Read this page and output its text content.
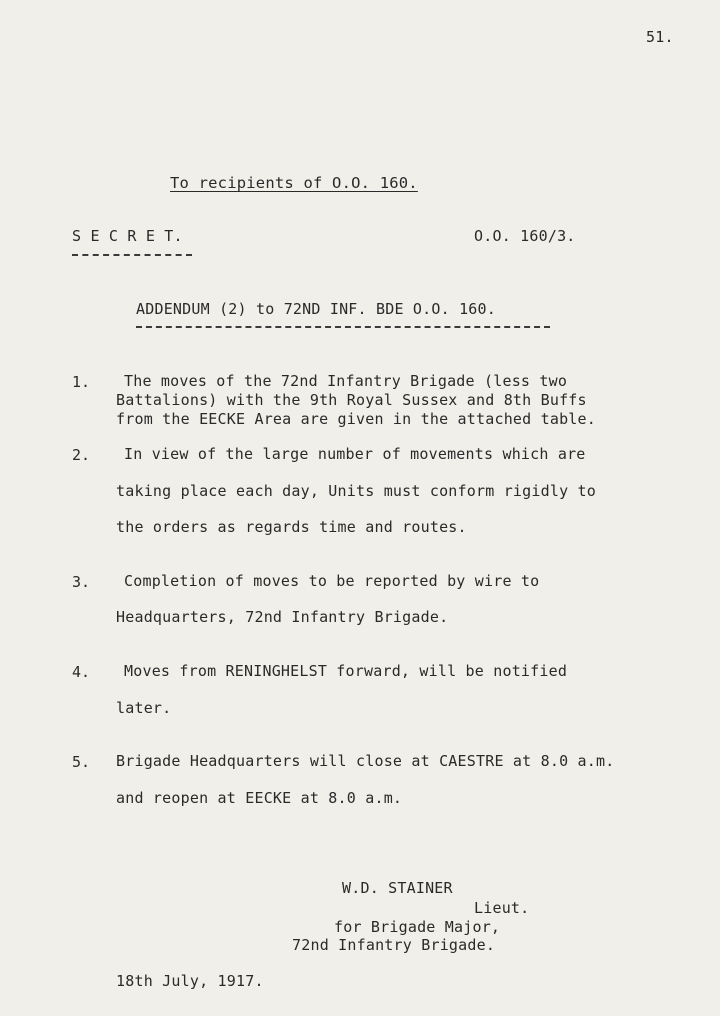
51.
To recipients of O.O. 160.
S E C R E T.	O.O. 160/3.
ADDENDUM (2) to 72ND INF. BDE O.O. 160.
1. The moves of the 72nd Infantry Brigade (less two
Battalions) with the 9th Royal Sussex and 8th Buffs
from the EECKE Area are given in the attached table.
2. In view of the large number of movements which are
taking place each day, Units must conform rigidly to
the orders as regards time and routes.
3. Completion of moves to be reported by wire to
Headquarters, 72nd Infantry Brigade.
4. Moves from RENINGHELST forward, will be notified
later.
5. Brigade Headquarters will close at CAESTRE at 8.0 a.m.
and reopen at EECKE at 8.0 a.m.
W.D. STAINER
Lieut.
for Brigade Major,
72nd Infantry Brigade.
18th July, 1917.
